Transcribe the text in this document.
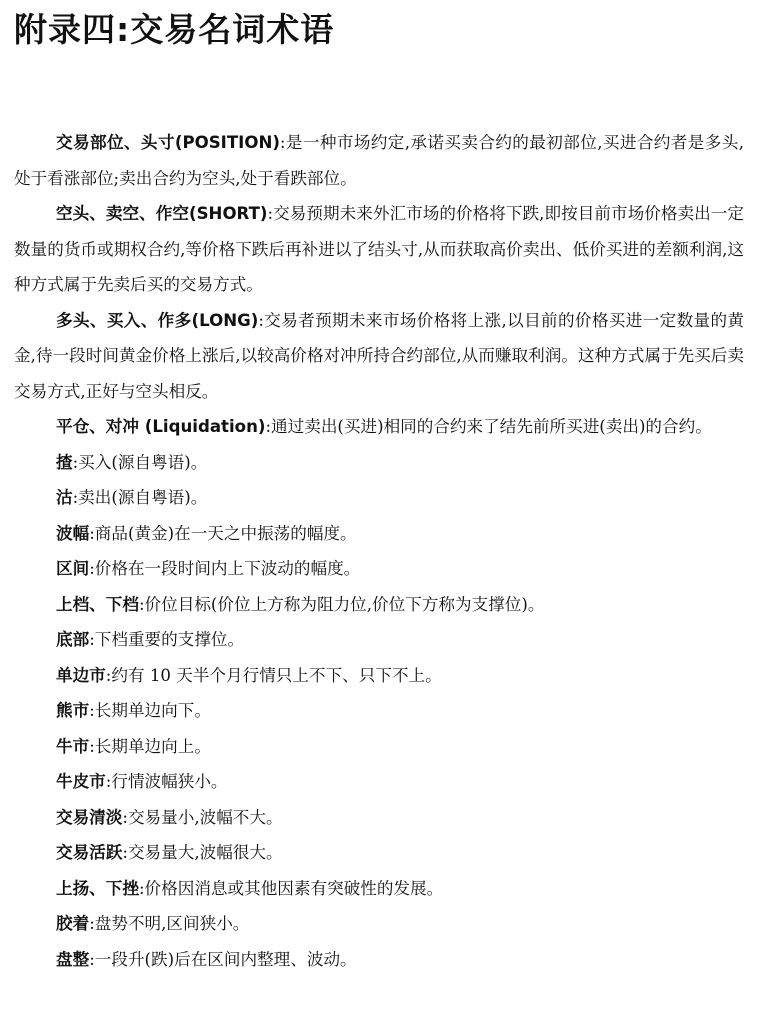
附录四:交易名词术语

交易部位、头寸(POSITION):是一种市场约定,承诺买卖合约的最初部位,买进合约者是多头,处于看涨部位;卖出合约为空头,处于看跌部位。

空头、卖空、作空(SHORT):交易预期未来外汇市场的价格将下跌,即按目前市场价格卖出一定数量的货币或期权合约,等价格下跌后再补进以了结头寸,从而获取高价卖出、低价买进的差额利润,这种方式属于先卖后买的交易方式。

多头、买入、作多(LONG):交易者预期未来市场价格将上涨,以目前的价格买进一定数量的黄金,待一段时间黄金价格上涨后,以较高价格对冲所持合约部位,从而赚取利润。这种方式属于先买后卖交易方式,正好与空头相反。

平仓、对冲 (Liquidation):通过卖出(买进)相同的合约来了结先前所买进(卖出)的合约。

揸:买入(源自粤语)。

沽:卖出(源自粤语)。

波幅:商品(黄金)在一天之中振荡的幅度。

区间:价格在一段时间内上下波动的幅度。

上档、下档:价位目标(价位上方称为阻力位,价位下方称为支撑位)。

底部:下档重要的支撑位。

单边市:约有 10 天半个月行情只上不下、只下不上。

熊市:长期单边向下。

牛市:长期单边向上。

牛皮市:行情波幅狭小。

交易清淡:交易量小,波幅不大。

交易活跃:交易量大,波幅很大。

上扬、下挫:价格因消息或其他因素有突破性的发展。

胶着:盘势不明,区间狭小。

盘整:一段升(跌)后在区间内整理、波动。
